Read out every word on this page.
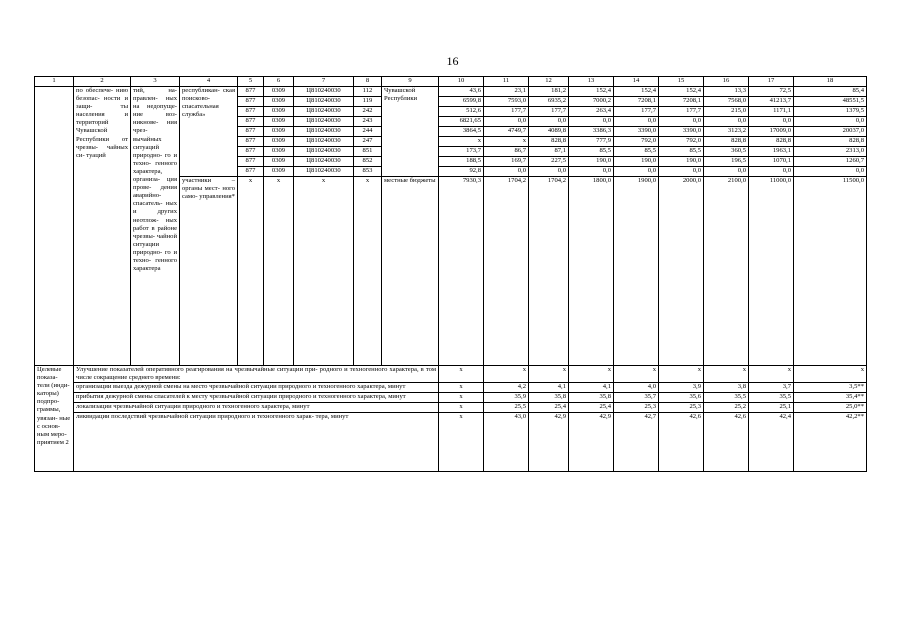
16
1	2	3	4	5	6	7	8	9	10	11	12	13	14	15	16	17	18	
	по обеспече- нию безопас- ности и защи- ты населения и территорий Чувашской Республики от чрезвы- чайных си- туаций	тий, на- правлен- ных на недопуще- ние воз- никнове- ния чрез- вычайных ситуаций природно- го и техно- генного характера, организа- ция прове- дения аварийно- спасатель- ных и других неотлож- ных работ в районе чрезвы- чайной ситуации природно- го и техно- генного характера	республикан- ская поисково- спасательная служба»	877	0309	Ц810240030	112	Чувашской Республики	43,6	23,1	181,2	152,4	152,4	152,4	13,3	72,5	85,4	
				877	0309	Ц810240030	119		6599,8	7593,0	6935,2	7000,2	7208,1	7208,1	7568,0	41213,7	48551,5	
				877	0309	Ц810240030	242		512,6	177,7	177,7	263,4	177,7	177,7	215,0	1171,1	1379,5	
				877	0309	Ц810240030	243		6821,65	0,0	0,0	0,0	0,0	0,0	0,0	0,0	0,0	
				877	0309	Ц810240030	244		3864,5	4749,7	4089,8	3386,3	3390,0	3390,0	3123,2	17009,0	20037,0	
				877	0309	Ц810240030	247		x	x	828,8	777,9	792,0	792,0	828,8	828,8	828,8	
				877	0309	Ц810240030	851		173,7	86,7	87,1	85,5	85,5	85,5	360,5	1963,1	2313,0	
				877	0309	Ц810240030	852		188,5	169,7	227,5	190,0	190,0	190,0	196,5	1070,1	1260,7	
				877	0309	Ц810240030	853		92,8	0,0	0,0	0,0	0,0	0,0	0,0	0,0	0,0	
			участники – органы мест- ного само- управления*	x	x	x	x	местные бюджеты	7930,3	1704,2	1704,2	1800,0	1900,0	2000,0	2100,0	11000,0	11500,0	
Целевые показа- тели (инди- каторы) подпро- граммы, увязан- ные с основ- ным меро- приятием 2	Улучшение показателей оперативного реагирования на чрезвычайные ситуации при- родного и техногенного характера, в том числе сокращение среднего времени:								x	x	x	x	x	x	x	x	x	
	организации выезда дежурной смены на место чрезвычайной ситуации природного и техногенного характера, минут								x	4,2	4,1	4,1	4,0	3,9	3,8	3,7	3,5**	
	прибытия дежурной смены спасателей к месту чрезвычайной ситуации природного и техногенного характера, минут								x	35,9	35,8	35,8	35,7	35,6	35,5	35,5	35,4**	
	локализации чрезвычайной ситуации природного и техногенного характера, минут								x	25,5	25,4	25,4	25,3	25,3	25,2	25,1	25,0**	
	ликвидации последствий чрезвычайной ситуации природного и техногенного харак- тера, минут								x	43,0	42,9	42,9	42,7	42,6	42,6	42,4	42,2**	
